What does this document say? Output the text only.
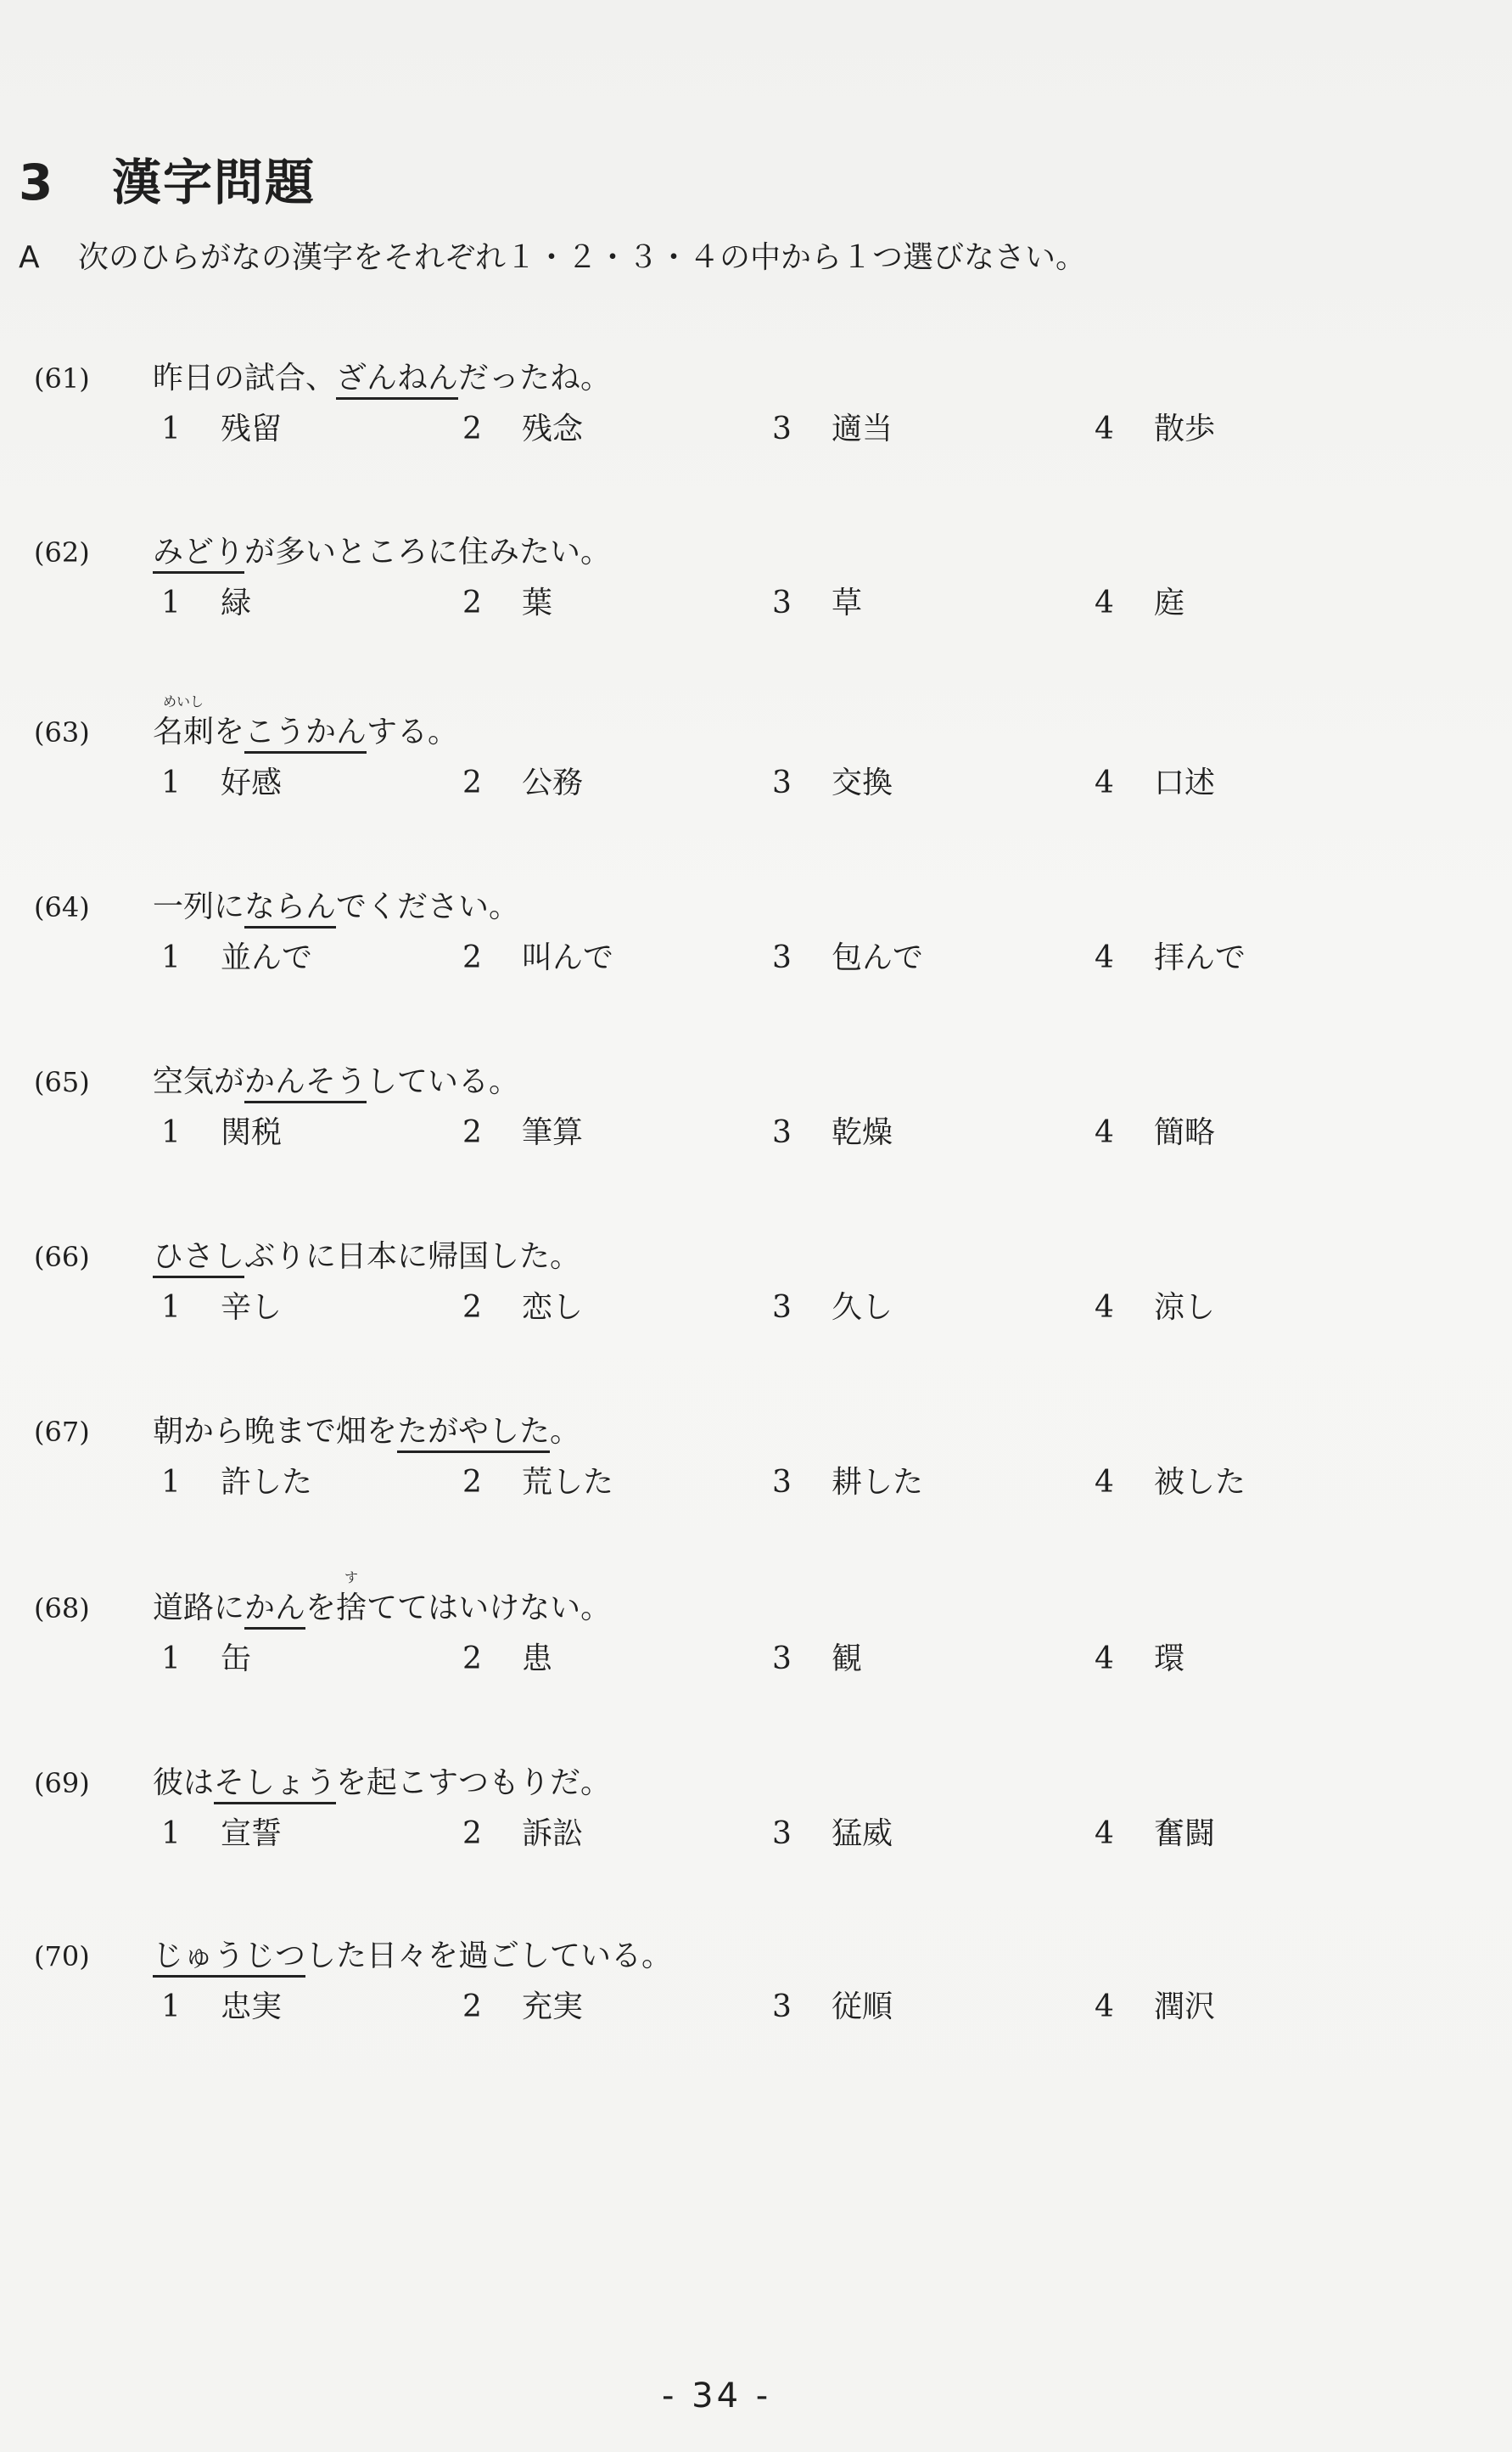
3 漢字問題
A 次のひらがなの漢字をそれぞれ１・２・３・４の中から１つ選びなさい。
(61) 昨日の試合、ざんねんだったね。
1 残留	2 残念	3 適当	4 散歩
(62) みどりが多いところに住みたい。
1 緑	2 葉	3 草	4 庭
(63)
めいし
名刺をこうかんする。
1 好感	2 公務	3 交換	4 口述
(64) 一列にならんでください。
1 並んで	2 叫んで	3 包んで	4 拝んで
(65) 空気がかんそうしている。
1 関税	2 筆算	3 乾燥	4 簡略
(66) ひさしぶりに日本に帰国した。
1 辛し	2 恋し	3 久し	4 涼し
(67) 朝から晩まで畑をたがやした。
1 許した	2 荒した	3 耕した	4 被した
(68) 道路にかんを
す
捨ててはいけない。
1 缶	2 患	3 観	4 環
(69) 彼はそしょうを起こすつもりだ。
1 宣誓	2 訴訟	3 猛威	4 奮闘
(70) じゅうじつした日々を過ごしている。
1 忠実	2 充実	3 従順	4 潤沢
- 34 -
